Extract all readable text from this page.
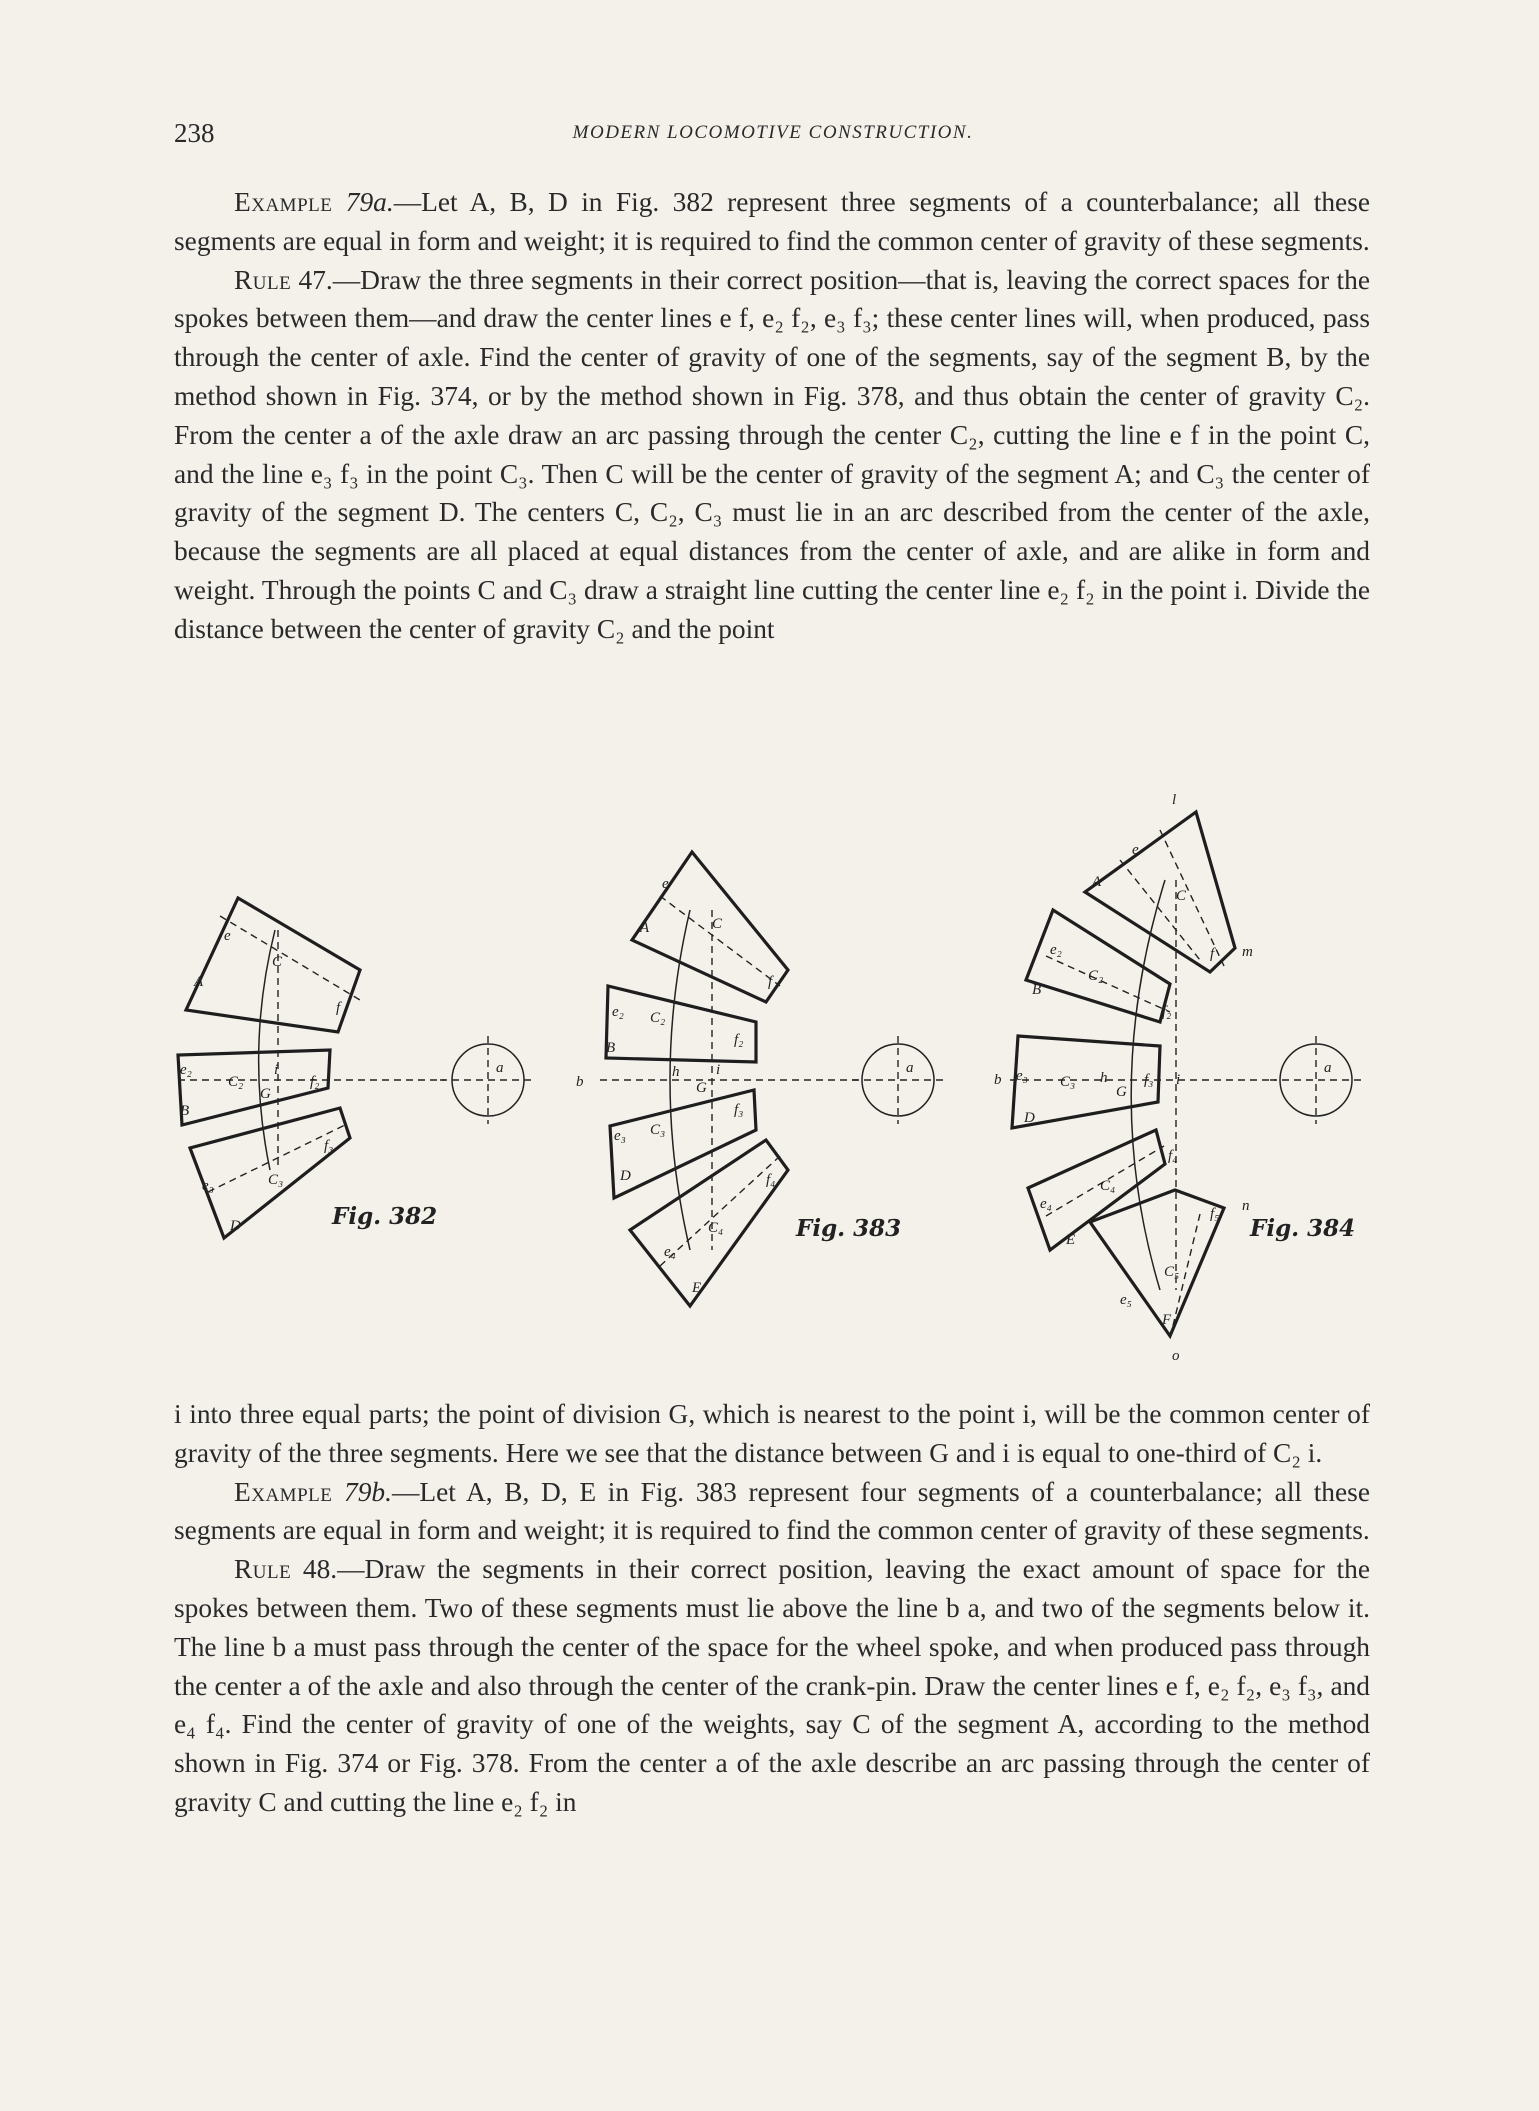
238	MODERN LOCOMOTIVE CONSTRUCTION.

Example 79a.—Let A, B, D in Fig. 382 represent three segments of a counterbalance; all these segments are equal in form and weight; it is required to find the common center of gravity of these segments.

Rule 47.—Draw the three segments in their correct position—that is, leaving the correct spaces for the spokes between them—and draw the center lines e f, e₂ f₂, e₃ f₃; these center lines will, when produced, pass through the center of axle. Find the center of gravity of one of the segments, say of the segment B, by the method shown in Fig. 374, or by the method shown in Fig. 378, and thus obtain the center of gravity C₂. From the center a of the axle draw an arc passing through the center C₂, cutting the line e f in the point C, and the line e₃ f₃ in the point C₃. Then C will be the center of gravity of the segment A; and C₃ the center of gravity of the segment D. The centers C, C₂, C₃ must lie in an arc described from the center of the axle, because the segments are all placed at equal distances from the center of axle, and are alike in form and weight. Through the points C and C₃ draw a straight line cutting the center line e₂ f₂ in the point i. Divide the distance between the center of gravity C₂ and the point

A
B
D
e
C
f
e₂
C₂
i
G
f₂
e₃	C₃
f₃
a
Fig. 382
A
B
D
E
e
C
f
e₂ C₂
f₂
b
h
G
i
e₃ C₃
f₃
e₄
C₄
f₄
a
Fig. 383
A
B
D
E
F
l
m
e
C
f
e₂
C₂
f₂
b e₃ C₃ h
G
f₃ i
e₄
C₄
f₄
n
f₅
C₅
e₅
o
a
Fig. 384

i into three equal parts; the point of division G, which is nearest to the point i, will be the common center of gravity of the three segments. Here we see that the distance between G and i is equal to one-third of C₂ i.

Example 79b.—Let A, B, D, E in Fig. 383 represent four segments of a counterbalance; all these segments are equal in form and weight; it is required to find the common center of gravity of these segments.

Rule 48.—Draw the segments in their correct position, leaving the exact amount of space for the spokes between them. Two of these segments must lie above the line b a, and two of the segments below it. The line b a must pass through the center of the space for the wheel spoke, and when produced pass through the center a of the axle and also through the center of the crank-pin. Draw the center lines e f, e₂ f₂, e₃ f₃, and e₄ f₄. Find the center of gravity of one of the weights, say C of the segment A, according to the method shown in Fig. 374 or Fig. 378. From the center a of the axle describe an arc passing through the center of gravity C and cutting the line e₂ f₂ in
